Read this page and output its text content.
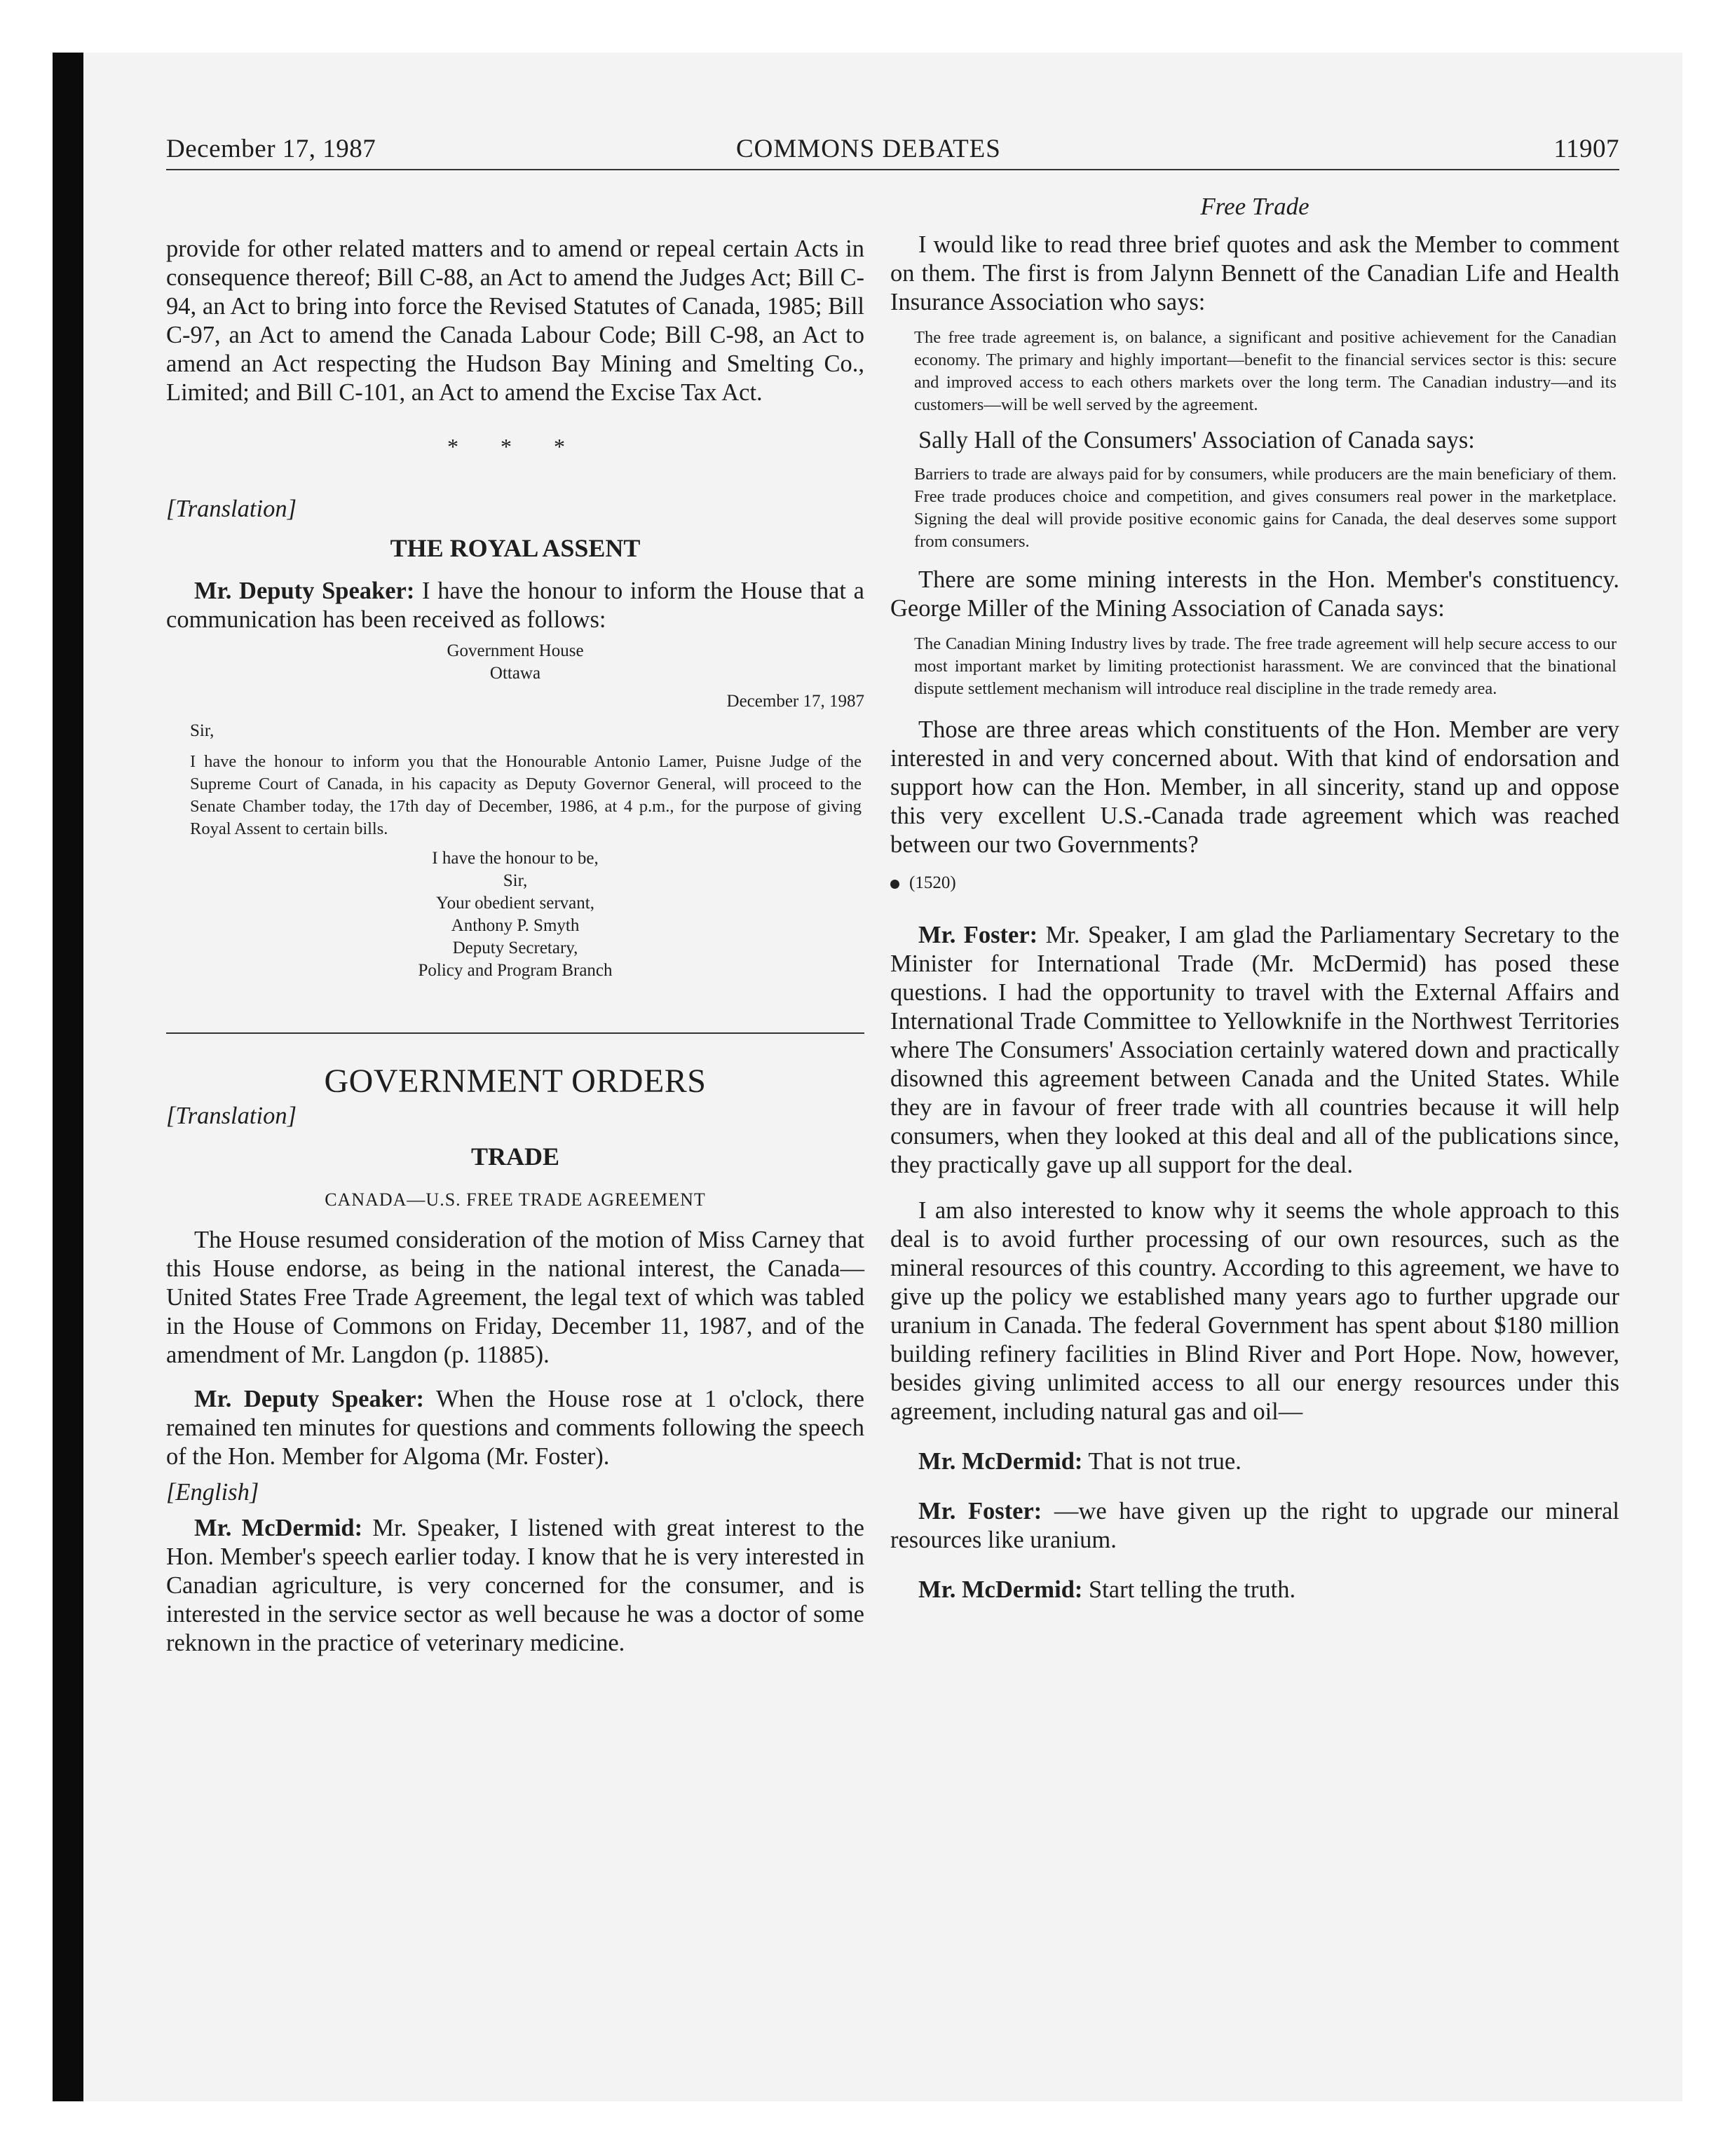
December 17, 1987	COMMONS DEBATES	11907

provide for other related matters and to amend or repeal certain Acts in consequence thereof; Bill C-88, an Act to amend the Judges Act; Bill C-94, an Act to bring into force the Revised Statutes of Canada, 1985; Bill C-97, an Act to amend the Canada Labour Code; Bill C-98, an Act to amend an Act respecting the Hudson Bay Mining and Smelting Co., Limited; and Bill C-101, an Act to amend the Excise Tax Act.

* * *

[Translation]

THE ROYAL ASSENT

Mr. Deputy Speaker: I have the honour to inform the House that a communication has been received as follows:

Government House
Ottawa
December 17, 1987
Sir,

I have the honour to inform you that the Honourable Antonio Lamer, Puisne Judge of the Supreme Court of Canada, in his capacity as Deputy Governor General, will proceed to the Senate Chamber today, the 17th day of December, 1986, at 4 p.m., for the purpose of giving Royal Assent to certain bills.

I have the honour to be,
Sir,
Your obedient servant,
Anthony P. Smyth
Deputy Secretary,
Policy and Program Branch
GOVERNMENT ORDERS

[Translation]

TRADE
CANADA—U.S. FREE TRADE AGREEMENT

The House resumed consideration of the motion of Miss Carney that this House endorse, as being in the national interest, the Canada—United States Free Trade Agreement, the legal text of which was tabled in the House of Commons on Friday, December 11, 1987, and of the amendment of Mr. Langdon (p. 11885).

Mr. Deputy Speaker: When the House rose at 1 o'clock, there remained ten minutes for questions and comments following the speech of the Hon. Member for Algoma (Mr. Foster).

[English]

Mr. McDermid: Mr. Speaker, I listened with great interest to the Hon. Member's speech earlier today. I know that he is very interested in Canadian agriculture, is very concerned for the consumer, and is interested in the service sector as well because he was a doctor of some reknown in the practice of veterinary medicine.

Free Trade

I would like to read three brief quotes and ask the Member to comment on them. The first is from Jalynn Bennett of the Canadian Life and Health Insurance Association who says:

The free trade agreement is, on balance, a significant and positive achievement for the Canadian economy. The primary and highly important—benefit to the financial services sector is this: secure and improved access to each others markets over the long term. The Canadian industry—and its customers—will be well served by the agreement.

Sally Hall of the Consumers' Association of Canada says:

Barriers to trade are always paid for by consumers, while producers are the main beneficiary of them. Free trade produces choice and competition, and gives consumers real power in the marketplace. Signing the deal will provide positive economic gains for Canada, the deal deserves some support from consumers.

There are some mining interests in the Hon. Member's constituency. George Miller of the Mining Association of Canada says:

The Canadian Mining Industry lives by trade. The free trade agreement will help secure access to our most important market by limiting protectionist harassment. We are convinced that the binational dispute settlement mechanism will introduce real discipline in the trade remedy area.

Those are three areas which constituents of the Hon. Member are very interested in and very concerned about. With that kind of endorsation and support how can the Hon. Member, in all sincerity, stand up and oppose this very excellent U.S.-Canada trade agreement which was reached between our two Governments?

(1520)

Mr. Foster: Mr. Speaker, I am glad the Parliamentary Secretary to the Minister for International Trade (Mr. McDermid) has posed these questions. I had the opportunity to travel with the External Affairs and International Trade Committee to Yellowknife in the Northwest Territories where The Consumers' Association certainly watered down and practically disowned this agreement between Canada and the United States. While they are in favour of freer trade with all countries because it will help consumers, when they looked at this deal and all of the publications since, they practically gave up all support for the deal.

I am also interested to know why it seems the whole approach to this deal is to avoid further processing of our own resources, such as the mineral resources of this country. According to this agreement, we have to give up the policy we established many years ago to further upgrade our uranium in Canada. The federal Government has spent about $180 million building refinery facilities in Blind River and Port Hope. Now, however, besides giving unlimited access to all our energy resources under this agreement, including natural gas and oil—

Mr. McDermid: That is not true.

Mr. Foster: —we have given up the right to upgrade our mineral resources like uranium.

Mr. McDermid: Start telling the truth.
